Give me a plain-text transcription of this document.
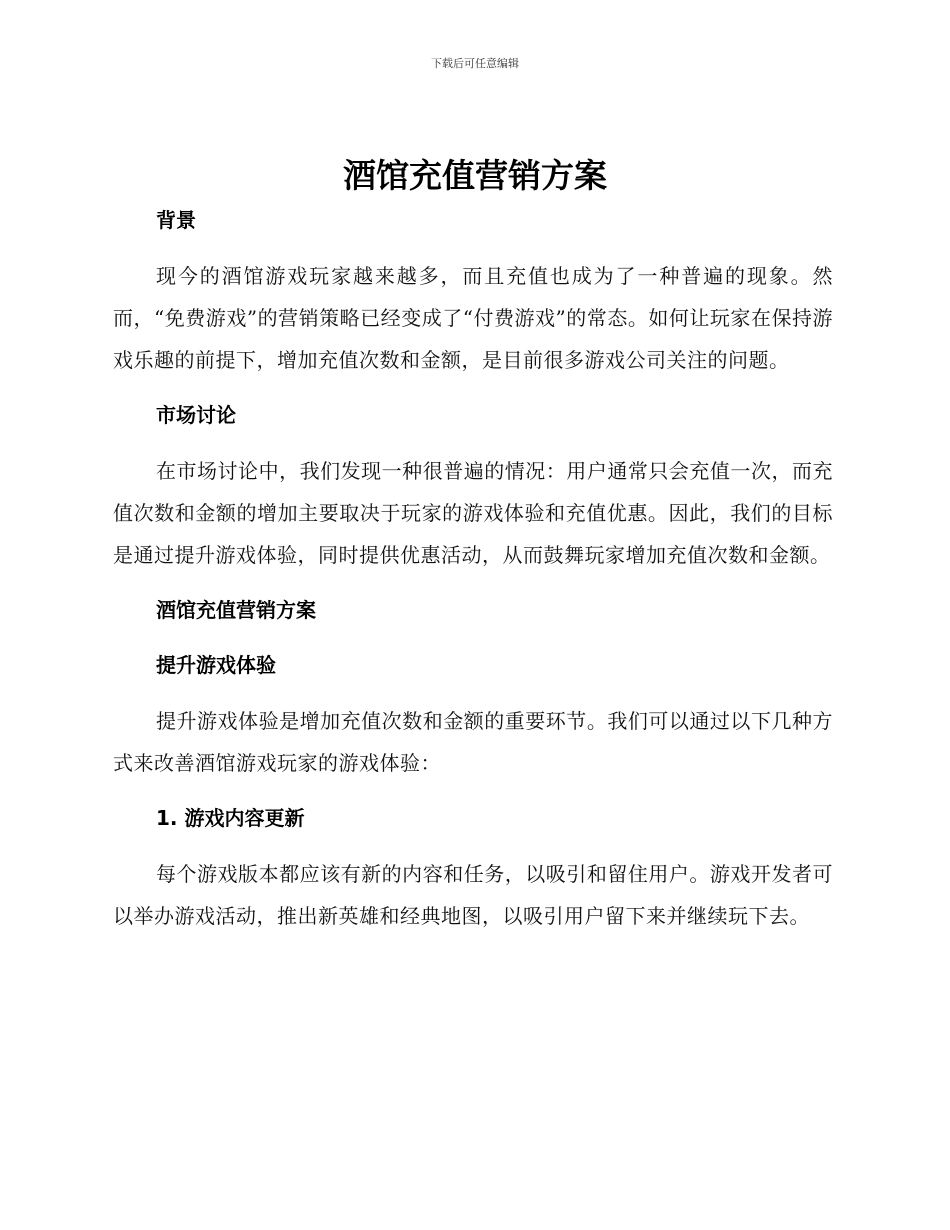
下载后可任意编辑
酒馆充值营销方案
背景

现今的酒馆游戏玩家越来越多，而且充值也成为了一种普遍的现象。然而，“免费游戏”的营销策略已经变成了“付费游戏”的常态。如何让玩家在保持游戏乐趣的前提下，增加充值次数和金额，是目前很多游戏公司关注的问题。

市场讨论

在市场讨论中，我们发现一种很普遍的情况：用户通常只会充值一次，而充值次数和金额的增加主要取决于玩家的游戏体验和充值优惠。因此，我们的目标是通过提升游戏体验，同时提供优惠活动，从而鼓舞玩家增加充值次数和金额。

酒馆充值营销方案
提升游戏体验

提升游戏体验是增加充值次数和金额的重要环节。我们可以通过以下几种方式来改善酒馆游戏玩家的游戏体验：

1. 游戏内容更新

每个游戏版本都应该有新的内容和任务，以吸引和留住用户。游戏开发者可以举办游戏活动，推出新英雄和经典地图，以吸引用户留下来并继续玩下去。
